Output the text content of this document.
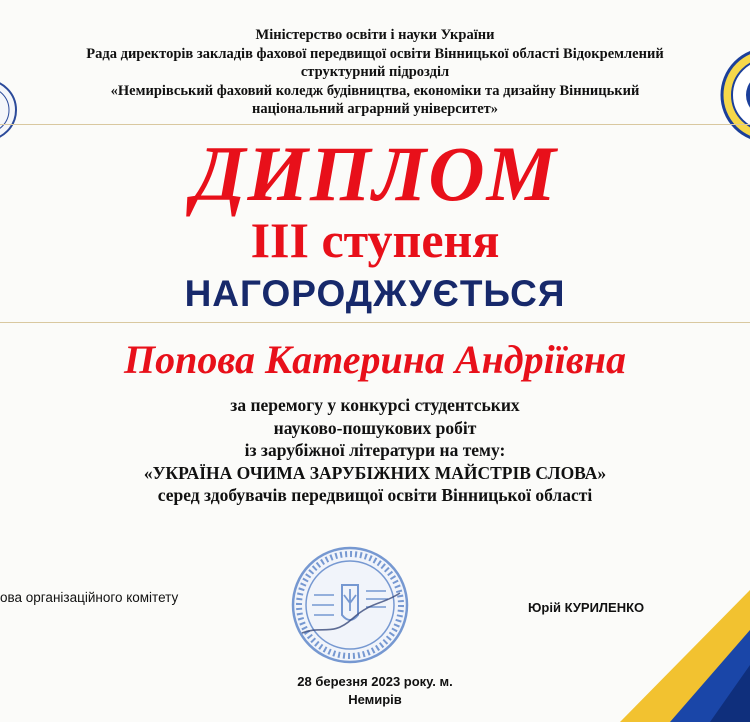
Міністерство освіти і науки України
Рада директорів закладів фахової передвищої освіти Вінницької області Відокремлений
структурний підрозділ
«Немирівський фаховий коледж будівництва, економіки та дизайну Вінницький
національний аграрний університет»
ДИПЛОМ
ІІІ ступеня
НАГОРОДЖУЄТЬСЯ
Попова Катерина Андріївна
за перемогу у конкурсі студентських
науково-пошукових робіт
із зарубіжної літератури на тему:
«УКРАЇНА ОЧИМА ЗАРУБІЖНИХ МАЙСТРІВ СЛОВА»
серед здобувачів передвищої освіти Вінницької області
ова організаційного комітету
Юрій КУРИЛЕНКО
28 березня 2023 року. м.
Немирів
